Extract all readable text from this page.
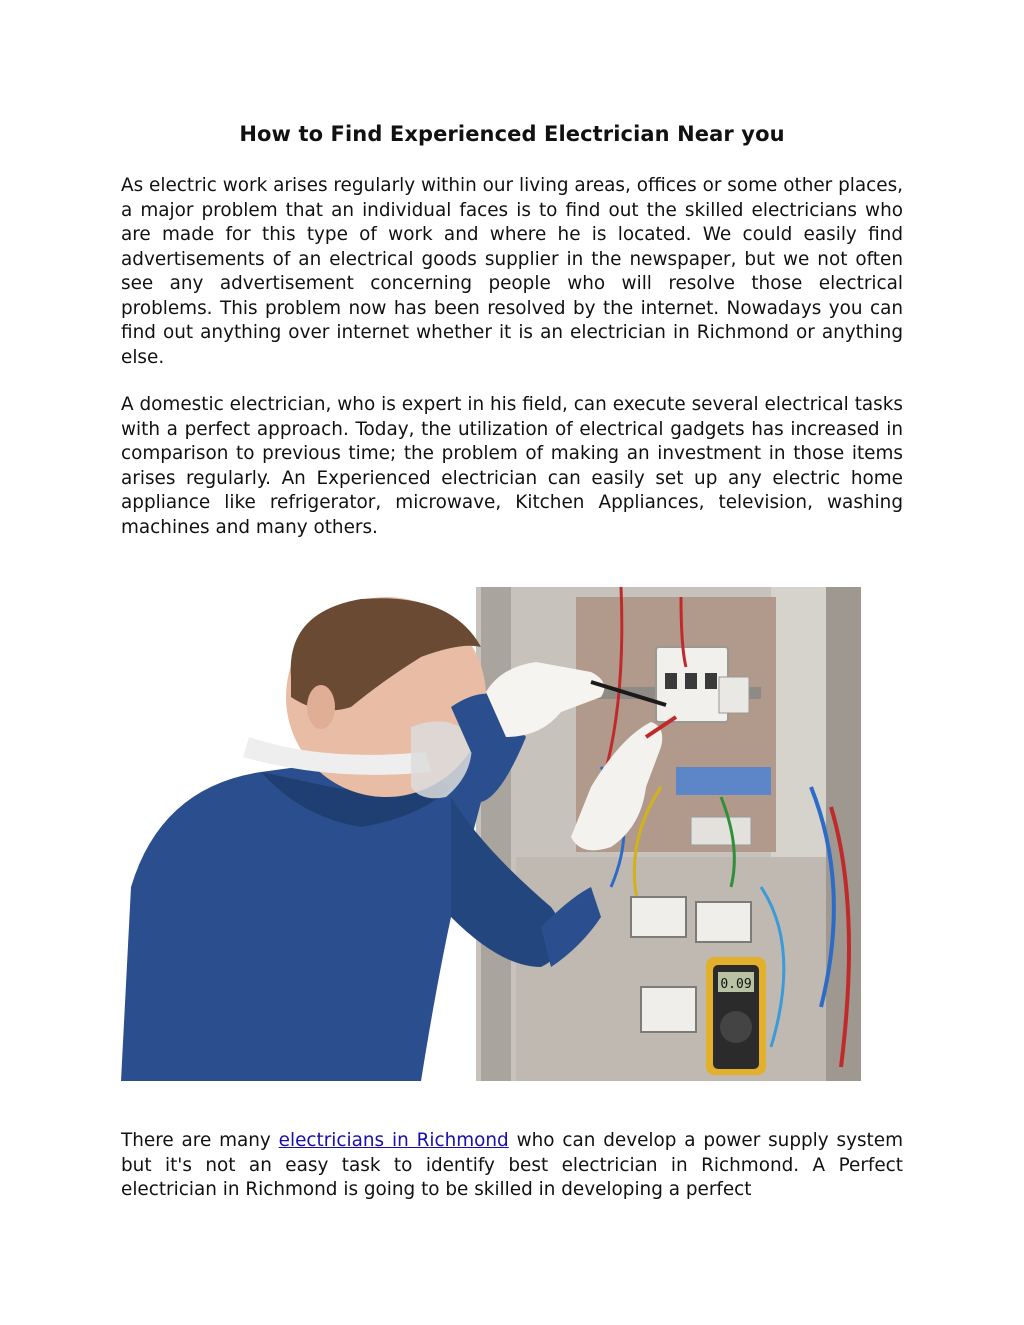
How to Find Experienced Electrician Near you

As electric work arises regularly within our living areas, offices or some other places, a major problem that an individual faces is to find out the skilled electricians who are made for this type of work and where he is located. We could easily find advertisements of an electrical goods supplier in the newspaper, but we not often see any advertisement concerning people who will resolve those electrical problems. This problem now has been resolved by the internet. Nowadays you can find out anything over internet whether it is an electrician in Richmond or anything else.

A domestic electrician, who is expert in his field, can execute several electrical tasks with a perfect approach. Today, the utilization of electrical gadgets has increased in comparison to previous time; the problem of making an investment in those items arises regularly. An Experienced electrician can easily set up any electric home appliance like refrigerator, microwave, Kitchen Appliances, television, washing machines and many others.

0.09

There are many electricians in Richmond who can develop a power supply system but it's not an easy task to identify best electrician in Richmond. A Perfect electrician in Richmond is going to be skilled in developing a perfect
